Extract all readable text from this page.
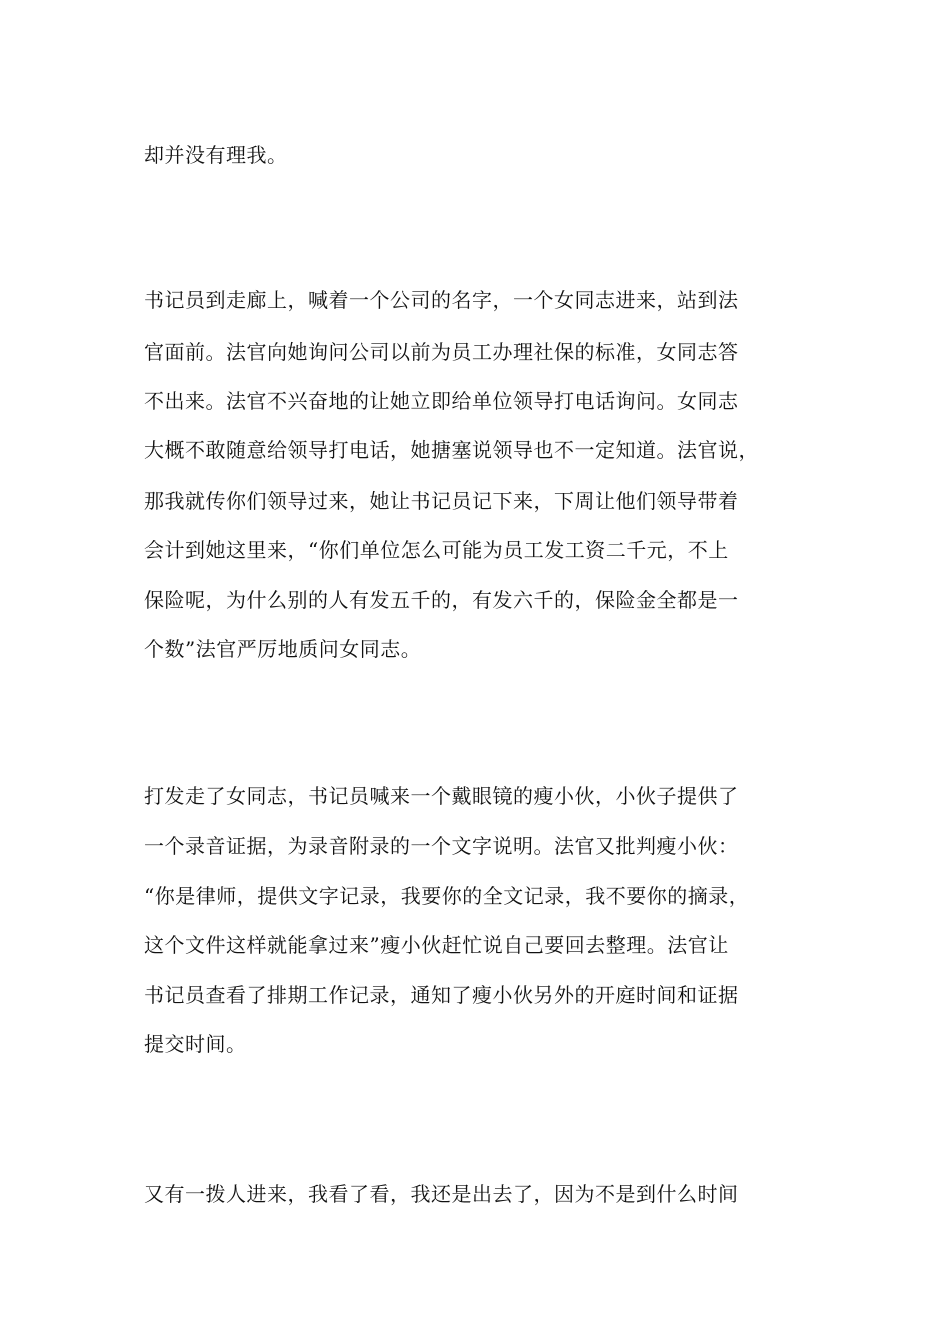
却并没有理我。
书记员到走廊上，喊着一个公司的名字，一个女同志进来，站到法
官面前。法官向她询问公司以前为员工办理社保的标准，女同志答
不出来。法官不兴奋地的让她立即给单位领导打电话询问。女同志
大概不敢随意给领导打电话，她搪塞说领导也不一定知道。法官说，
那我就传你们领导过来，她让书记员记下来，下周让他们领导带着
会计到她这里来，“你们单位怎么可能为员工发工资二千元，不上
保险呢，为什么别的人有发五千的，有发六千的，保险金全都是一
个数”法官严厉地质问女同志。
打发走了女同志，书记员喊来一个戴眼镜的瘦小伙，小伙子提供了
一个录音证据，为录音附录的一个文字说明。法官又批判瘦小伙：
“你是律师，提供文字记录，我要你的全文记录，我不要你的摘录，
这个文件这样就能拿过来”瘦小伙赶忙说自己要回去整理。法官让
书记员查看了排期工作记录，通知了瘦小伙另外的开庭时间和证据
提交时间。
又有一拨人进来，我看了看，我还是出去了，因为不是到什么时间
